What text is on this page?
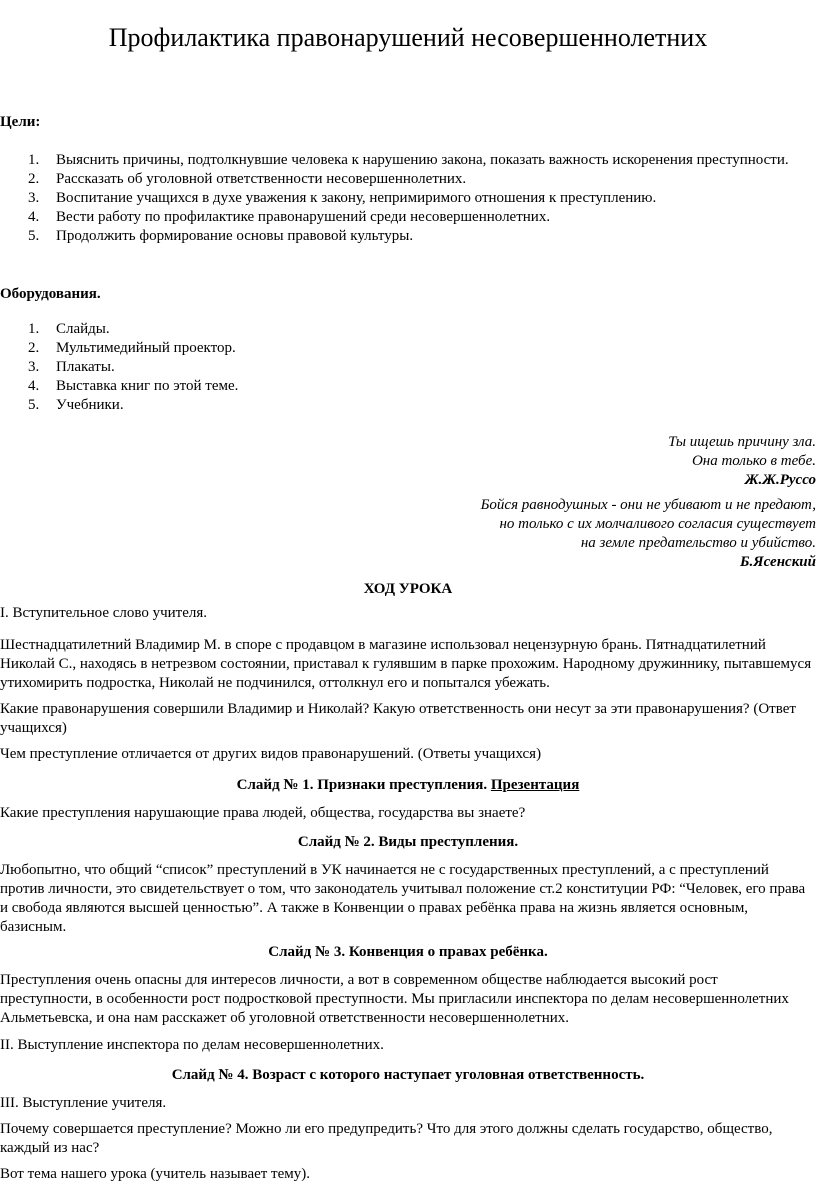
Профилактика правонарушений несовершеннолетних
Цели:
1. Выяснить причины, подтолкнувшие человека к нарушению закона, показать важность искоренения преступности.
2. Рассказать об уголовной ответственности несовершеннолетних.
3. Воспитание учащихся в духе уважения к закону, непримиримого отношения к преступлению.
4. Вести работу по профилактике правонарушений среди несовершеннолетних.
5. Продолжить формирование основы правовой культуры.
Оборудования.
1. Слайды.
2. Мультимедийный проектор.
3. Плакаты.
4. Выставка книг по этой теме.
5. Учебники.
Ты ищешь причину зла.
Она только в тебе.
Ж.Ж.Руссо
Бойся равнодушных - они не убивают и не предают,
но только с их молчаливого согласия существует
на земле предательство и убийство.
Б.Ясенский
ХОД УРОКА

I. Вступительное слово учителя.

Шестнадцатилетний Владимир М. в споре с продавцом в магазине использовал нецензурную брань. Пятнадцатилетний Николай С., находясь в нетрезвом состоянии, приставал к гулявшим в парке прохожим. Народному дружиннику, пытавшемуся утихомирить подростка, Николай не подчинился, оттолкнул его и попытался убежать.

Какие правонарушения совершили Владимир и Николай? Какую ответственность они несут за эти правонарушения? (Ответ учащихся)

Чем преступление отличается от других видов правонарушений. (Ответы учащихся)

Слайд № 1. Признаки преступления. Презентация

Какие преступления нарушающие права людей, общества, государства вы знаете?

Слайд № 2. Виды преступления.

Любопытно, что общий “список” преступлений в УК начинается не с государственных преступлений, а с преступлений против личности, это свидетельствует о том, что законодатель учитывал положение ст.2 конституции РФ: “Человек, его права и свобода являются высшей ценностью”. А также в Конвенции о правах ребёнка права на жизнь является основным, базисным.

Слайд № 3. Конвенция о правах ребёнка.

Преступления очень опасны для интересов личности, а вот в современном обществе наблюдается высокий рост преступности, в особенности рост подростковой преступности. Мы пригласили инспектора по делам несовершеннолетних Альметьевска, и она нам расскажет об уголовной ответственности несовершеннолетних.

II. Выступление инспектора по делам несовершеннолетних.

Слайд № 4. Возраст с которого наступает уголовная ответственность.

III. Выступление учителя.

Почему совершается преступление? Можно ли его предупредить? Что для этого должны сделать государство, общество, каждый из нас?

Вот тема нашего урока (учитель называет тему).
